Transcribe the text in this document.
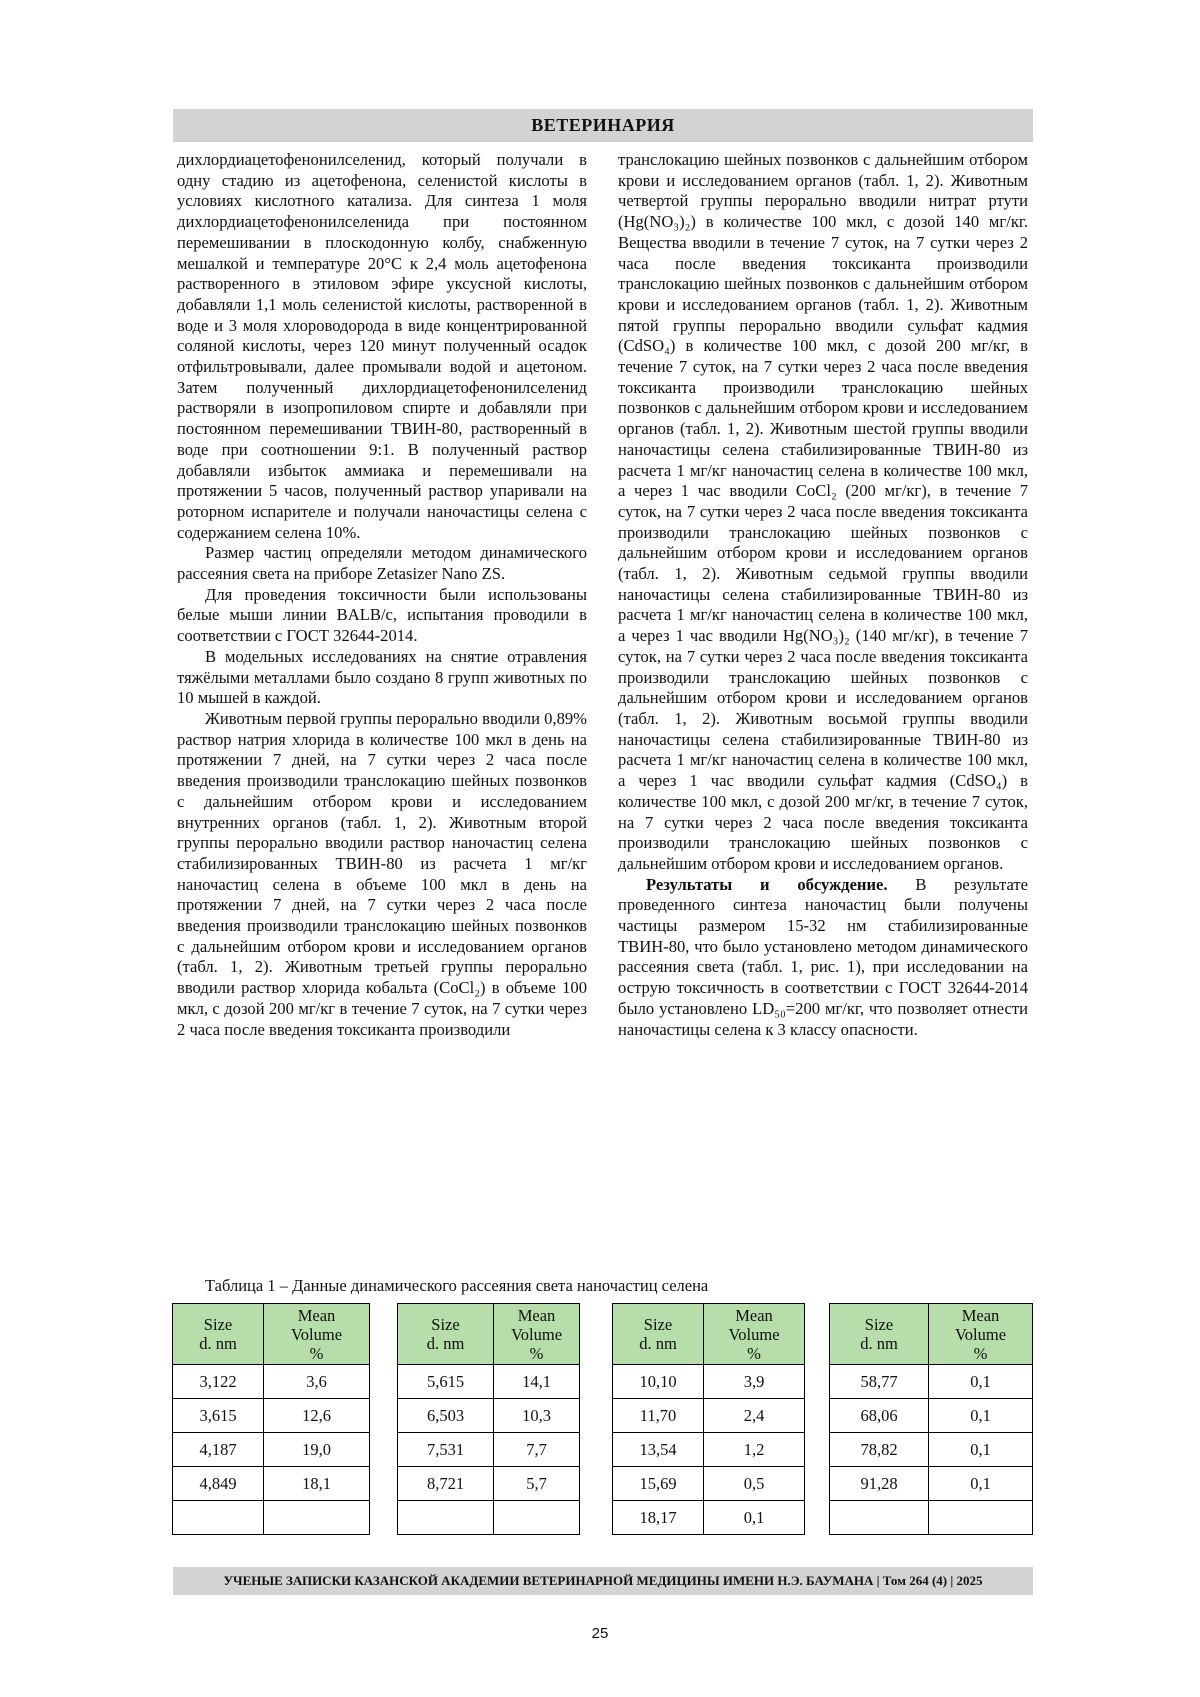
ВЕТЕРИНАРИЯ

дихлордиацетофенонилселенид, который получали в одну стадию из ацетофенона, селенистой кислоты в условиях кислотного катализа. Для синтеза 1 моля дихлордиацетофенонилселенида при постоянном перемешивании в плоскодонную колбу, снабженную мешалкой и температуре 20°С к 2,4 моль ацетофенона растворенного в этиловом эфире уксусной кислоты, добавляли 1,1 моль селенистой кислоты, растворенной в воде и 3 моля хлороводорода в виде концентрированной соляной кислоты, через 120 минут полученный осадок отфильтровывали, далее промывали водой и ацетоном. Затем полученный дихлордиацетофенонилселенид растворяли в изопропиловом спирте и добавляли при постоянном перемешивании ТВИН-80, растворенный в воде при соотношении 9:1. В полученный раствор добавляли избыток аммиака и перемешивали на протяжении 5 часов, полученный раствор упаривали на роторном испарителе и получали наночастицы селена с содержанием селена 10%.

Размер частиц определяли методом динамического рассеяния света на приборе Zetasizer Nano ZS.

Для проведения токсичности были использованы белые мыши линии BALB/c, испытания проводили в соответствии с ГОСТ 32644-2014.

В модельных исследованиях на снятие отравления тяжёлыми металлами было создано 8 групп животных по 10 мышей в каждой.

Животным первой группы перорально вводили 0,89% раствор натрия хлорида в количестве 100 мкл в день на протяжении 7 дней, на 7 сутки через 2 часа после введения производили транслокацию шейных позвонков с дальнейшим отбором крови и исследованием внутренних органов (табл. 1, 2). Животным второй группы перорально вводили раствор наночастиц селена стабилизированных ТВИН-80 из расчета 1 мг/кг наночастиц селена в объеме 100 мкл в день на протяжении 7 дней, на 7 сутки через 2 часа после введения производили транслокацию шейных позвонков с дальнейшим отбором крови и исследованием органов (табл. 1, 2). Животным третьей группы перорально вводили раствор хлорида кобальта (CoCl₂) в объеме 100 мкл, с дозой 200 мг/кг в течение 7 суток, на 7 сутки через 2 часа после введения токсиканта производили

транслокацию шейных позвонков с дальнейшим отбором крови и исследованием органов (табл. 1, 2). Животным четвертой группы перорально вводили нитрат ртути (Hg(NO₃)₂) в количестве 100 мкл, с дозой 140 мг/кг. Вещества вводили в течение 7 суток, на 7 сутки через 2 часа после введения токсиканта производили транслокацию шейных позвонков с дальнейшим отбором крови и исследованием органов (табл. 1, 2). Животным пятой группы перорально вводили сульфат кадмия (CdSO₄) в количестве 100 мкл, с дозой 200 мг/кг, в течение 7 суток, на 7 сутки через 2 часа после введения токсиканта производили транслокацию шейных позвонков с дальнейшим отбором крови и исследованием органов (табл. 1, 2). Животным шестой группы вводили наночастицы селена стабилизированные ТВИН-80 из расчета 1 мг/кг наночастиц селена в количестве 100 мкл, а через 1 час вводили CoCl₂ (200 мг/кг), в течение 7 суток, на 7 сутки через 2 часа после введения токсиканта производили транслокацию шейных позвонков с дальнейшим отбором крови и исследованием органов (табл. 1, 2). Животным седьмой группы вводили наночастицы селена стабилизированные ТВИН-80 из расчета 1 мг/кг наночастиц селена в количестве 100 мкл, а через 1 час вводили Hg(NO₃)₂ (140 мг/кг), в течение 7 суток, на 7 сутки через 2 часа после введения токсиканта производили транслокацию шейных позвонков с дальнейшим отбором крови и исследованием органов (табл. 1, 2). Животным восьмой группы вводили наночастицы селена стабилизированные ТВИН-80 из расчета 1 мг/кг наночастиц селена в количестве 100 мкл, а через 1 час вводили сульфат кадмия (CdSO₄) в количестве 100 мкл, с дозой 200 мг/кг, в течение 7 суток, на 7 сутки через 2 часа после введения токсиканта производили транслокацию шейных позвонков с дальнейшим отбором крови и исследованием органов.

Результаты и обсуждение. В результате проведенного синтеза наночастиц были получены частицы размером 15-32 нм стабилизированные ТВИН-80, что было установлено методом динамического рассеяния света (табл. 1, рис. 1), при исследовании на острую токсичность в соответствии с ГОСТ 32644-2014 было установлено LD₅₀=200 мг/кг, что позволяет отнести наночастицы селена к 3 классу опасности.

Таблица 1 – Данные динамического рассеяния света наночастиц селена
Size
d. nm	Mean
Volume
%
3,122	3,6
3,615	12,6
4,187	19,0
4,849	18,1

Size
d. nm	Mean
Volume
%
5,615	14,1
6,503	10,3
7,531	7,7
8,721	5,7

Size
d. nm	Mean
Volume
%
10,10	3,9
11,70	2,4
13,54	1,2
15,69	0,5
18,17	0,1
Size
d. nm	Mean
Volume
%
58,77	0,1
68,06	0,1
78,82	0,1
91,28	0,1

УЧЕНЫЕ ЗАПИСКИ КАЗАНСКОЙ АКАДЕМИИ ВЕТЕРИНАРНОЙ МЕДИЦИНЫ ИМЕНИ Н.Э. БАУМАНА | Том 264 (4) | 2025
25
